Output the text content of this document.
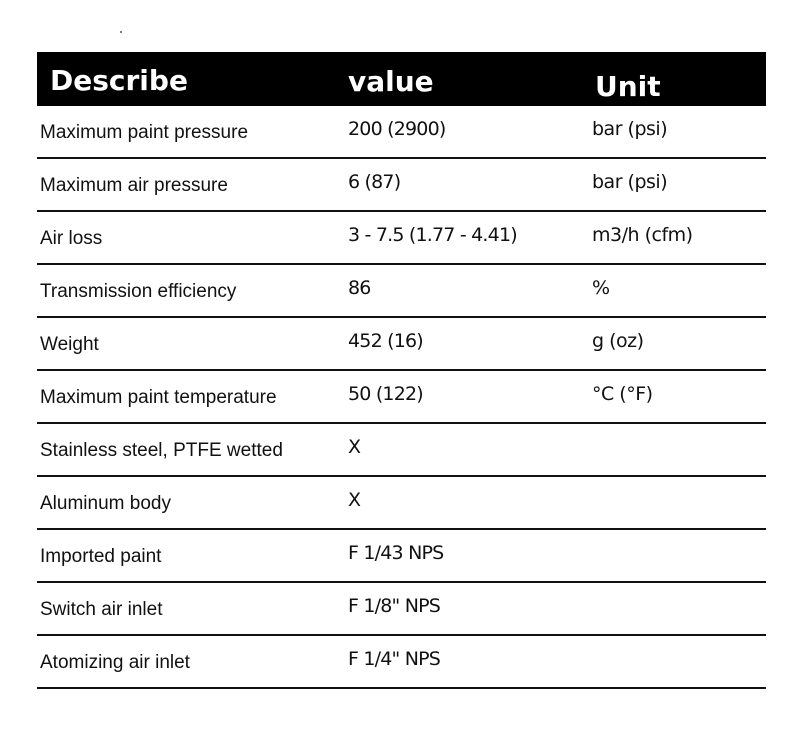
Describe	value	Unit
Maximum paint pressure	200 (2900)	bar (psi)
Maximum air pressure	6 (87)	bar (psi)
Air loss	3 - 7.5 (1.77 - 4.41)	m3/h (cfm)
Transmission efficiency	86	%
Weight	452 (16)	g (oz)
Maximum paint temperature	50 (122)	°C (°F)
Stainless steel, PTFE wetted	X
Aluminum body	X
Imported paint	F 1/43 NPS
Switch air inlet	F 1/8" NPS
Atomizing air inlet	F 1/4" NPS
